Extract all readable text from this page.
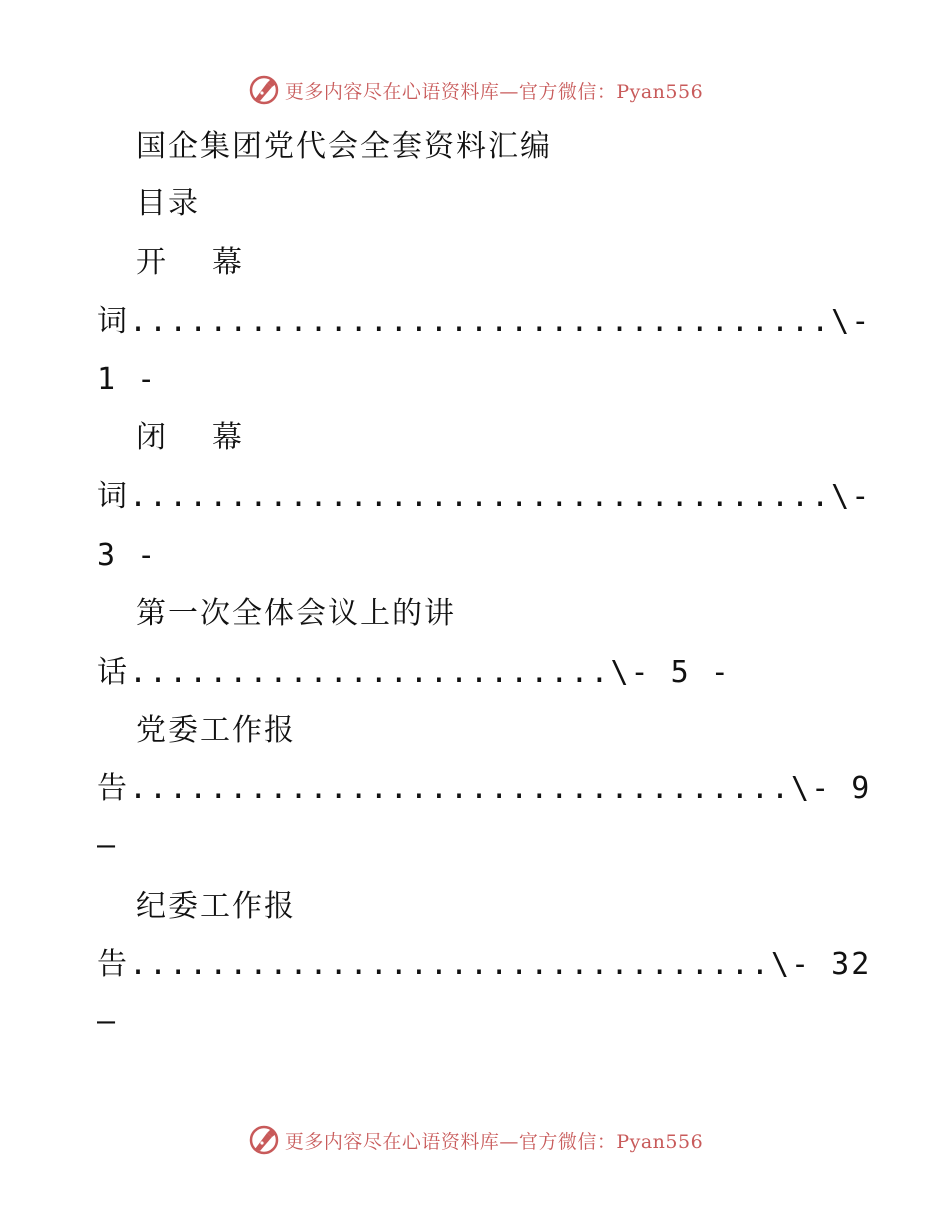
更多内容尽在心语资料库—官方微信：Pyan556
国企集团党代会全套资料汇编
目录
开 幕
词...................................\-
1 -
闭 幕
词...................................\-
3 -
第一次全体会议上的讲
话........................\- 5 -
党委工作报
告.................................\- 9
–
纪委工作报
告................................\- 32
–
更多内容尽在心语资料库—官方微信：Pyan556
